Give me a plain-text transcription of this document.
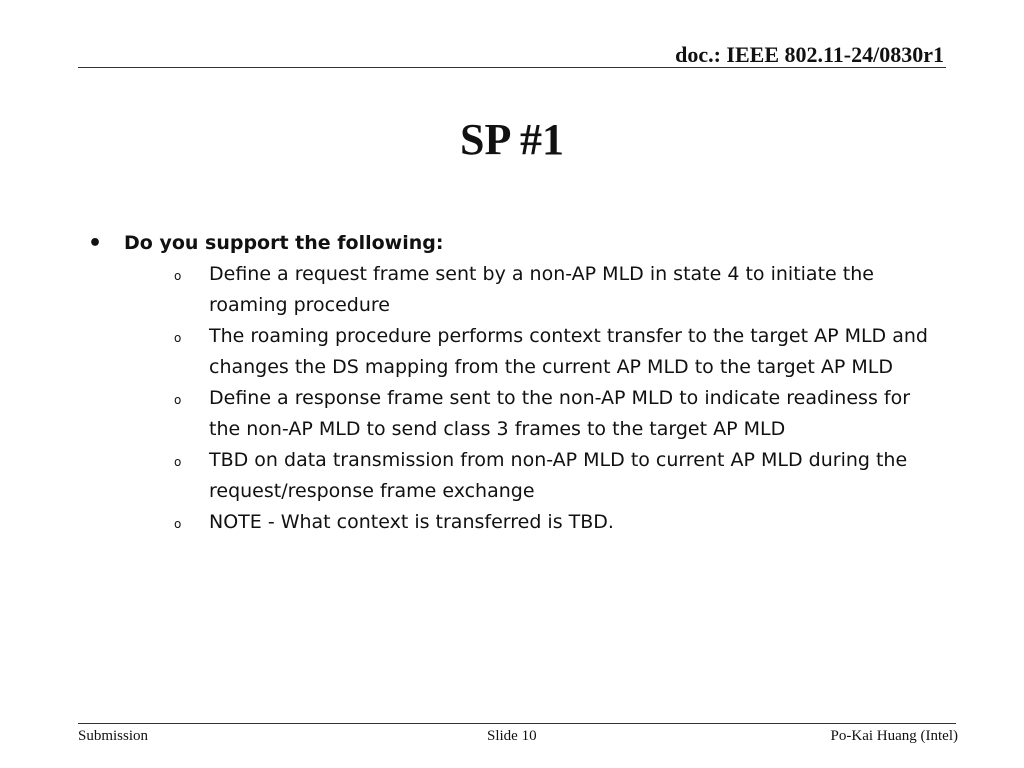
doc.: IEEE 802.11-24/0830r1
SP #1
•	Do you support the following:
o	Define a request frame sent by a non-AP MLD in state 4 to initiate the roaming procedure
o	The roaming procedure performs context transfer to the target AP MLD and changes the DS mapping from the current AP MLD to the target AP MLD
o	Define a response frame sent to the non-AP MLD to indicate readiness for the non-AP MLD to send class 3 frames to the target AP MLD
o	TBD on data transmission from non-AP MLD to current AP MLD during the request/response frame exchange
o	NOTE - What context is transferred is TBD.
Submission	Slide 10	Po-Kai Huang (Intel)
